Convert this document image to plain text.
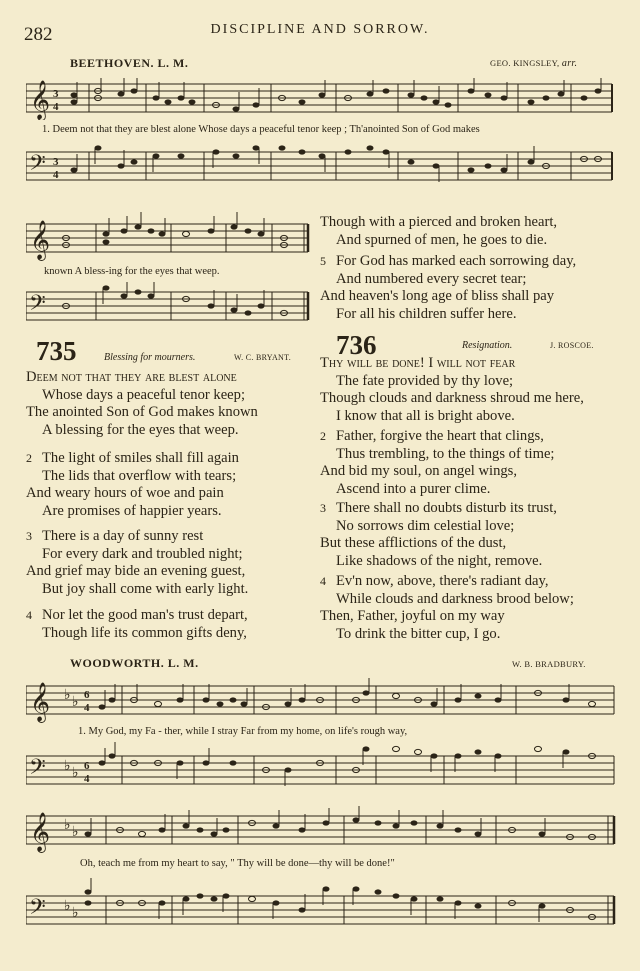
282	DISCIPLINE AND SORROW.
BEETHOVEN. L. M.	GEO. KINGSLEY, arr.
𝄞 3
4
1. Deem not that they are blest alone Whose days a peaceful tenor keep ; Th'anointed Son of God makes
𝄢 3
4
𝄞
known A bless-ing for the eyes that weep.
𝄢
735	Blessing for mourners.	W. C. BRYANT.
Deem not that they are blest alone
Whose days a peaceful tenor keep;
The anointed Son of God makes known
A blessing for the eyes that weep.
2 The light of smiles shall fill again
The lids that overflow with tears;
And weary hours of woe and pain
Are promises of happier years.
3 There is a day of sunny rest
For every dark and troubled night;
And grief may bide an evening guest,
But joy shall come with early light.
4 Nor let the good man's trust depart,
Though life its common gifts deny,
Though with a pierced and broken heart,
And spurned of men, he goes to die.
5 For God has marked each sorrowing day,
And numbered every secret tear;
And heaven's long age of bliss shall pay
For all his children suffer here.
736	Resignation.	J. ROSCOE.
Thy will be done! I will not fear
The fate provided by thy love;
Though clouds and darkness shroud me here,
I know that all is bright above.
2 Father, forgive the heart that clings,
Thus trembling, to the things of time;
And bid my soul, on angel wings,
Ascend into a purer clime.
3 There shall no doubts disturb its trust,
No sorrows dim celestial love;
But these afflictions of the dust,
Like shadows of the night, remove.
4 Ev'n now, above, there's radiant day,
While clouds and darkness brood below;
Then, Father, joyful on my way
To drink the bitter cup, I go.
WOODWORTH. L. M.	W. B. BRADBURY.
𝄞 ♭ ♭ 6
4
1. My God, my Fa - ther, while I stray Far from my home, on life's rough way,
𝄢 ♭ ♭ 6
4
𝄞 ♭ ♭
Oh, teach me from my heart to say, " Thy will be done—thy will be done!"
𝄢 ♭ ♭
